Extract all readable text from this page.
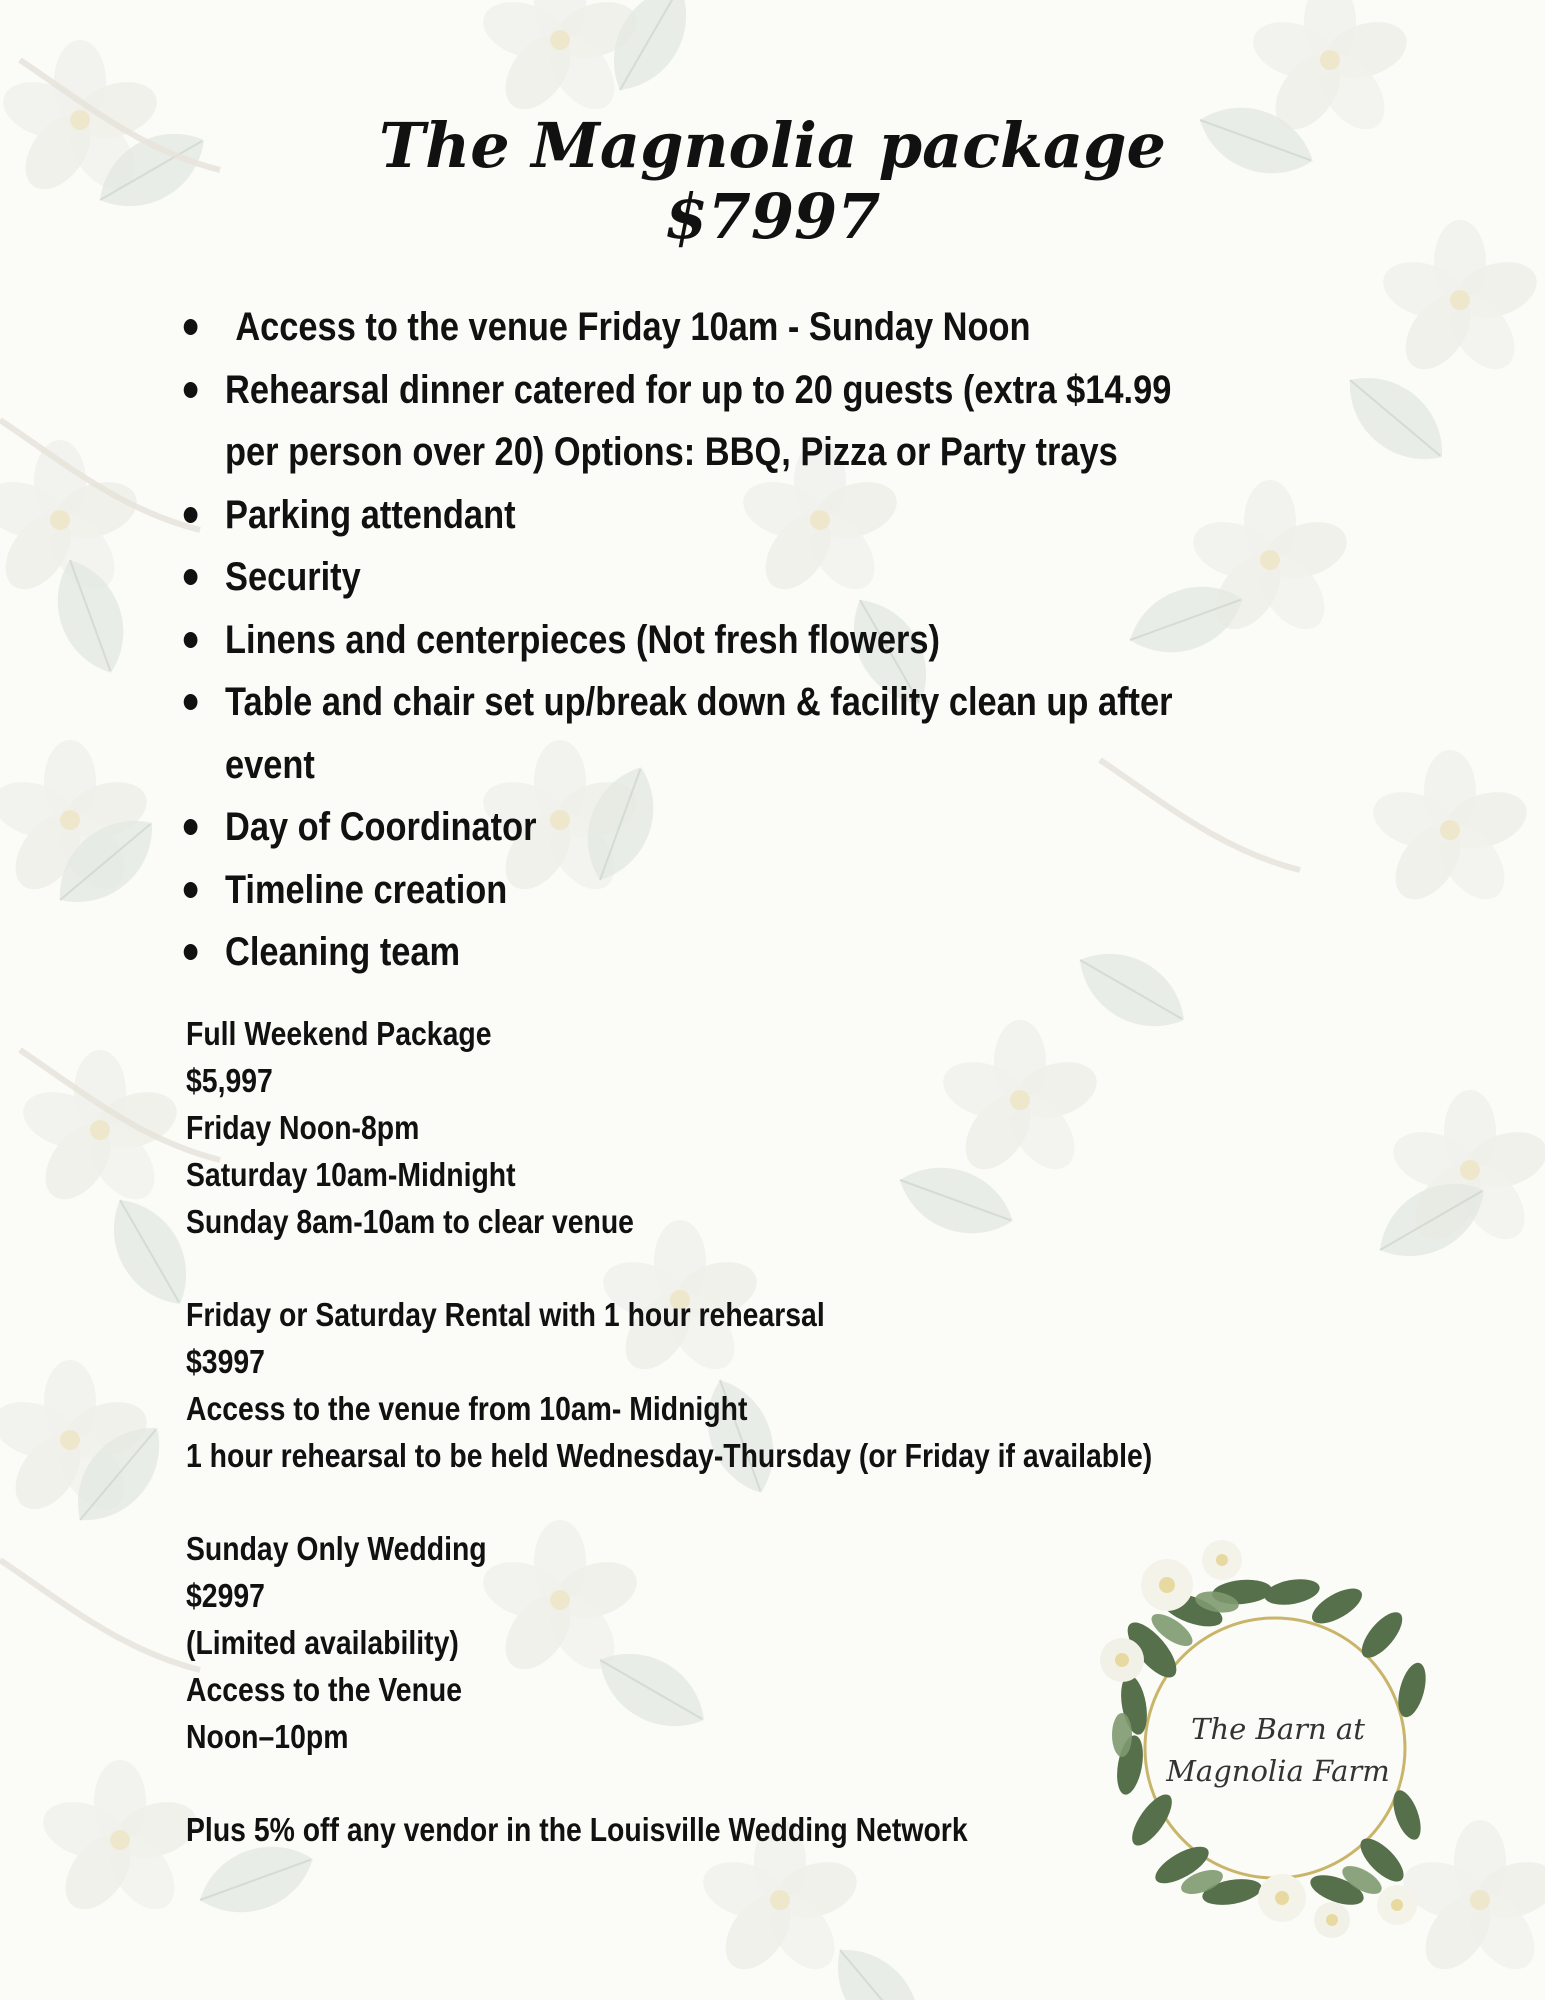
The Magnolia package
$7997
Access to the venue Friday 10am - Sunday Noon
Rehearsal dinner catered for up to 20 guests (extra $14.99
per person over 20) Options: BBQ, Pizza or Party trays
Parking attendant
Security
Linens and centerpieces (Not fresh flowers)
Table and chair set up/break down & facility clean up after
event
Day of Coordinator
Timeline creation
Cleaning team
Full Weekend Package
$5,997
Friday Noon-8pm
Saturday 10am-Midnight
Sunday 8am-10am to clear venue
Friday or Saturday Rental with 1 hour rehearsal
$3997
Access to the venue from 10am- Midnight
1 hour rehearsal to be held Wednesday-Thursday (or Friday if available)
Sunday Only Wedding
$2997
(Limited availability)
Access to the Venue
Noon–10pm
Plus 5% off any vendor in the Louisville Wedding Network
The Barn at
Magnolia Farm
